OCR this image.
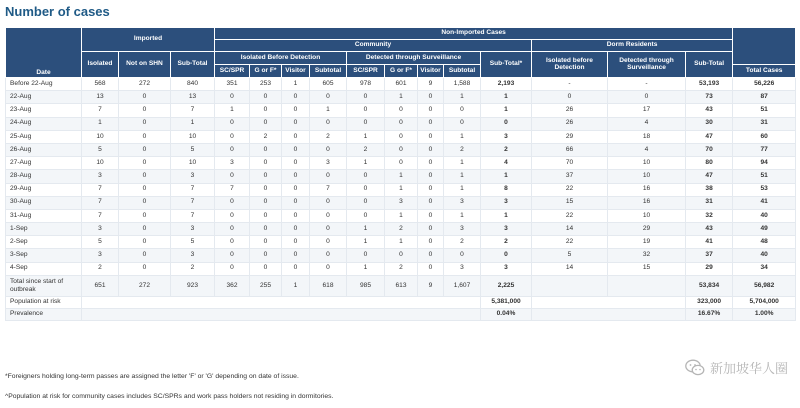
Number of cases
Date	Imported			Non-Imported Cases												
				Community									Dorm Residents			
	Isolated	Not on SHN	Sub-Total	Isolated Before Detection				Detected through Surveillance				Sub-Total*	Isolated before Detection	Detected through Surveillance	Sub-Total	
				SC/SPR	G or F*	Visitor	Subtotal	SC/SPR	G or F*	Visitor	Subtotal					Total Cases
Before 22-Aug	568	272	840	351	253	1	605	978	601	9	1,588	2,193	-	-	53,193	56,226
22-Aug	13	0	13	0	0	0	0	0	1	0	1	1	0	0	73	87
23-Aug	7	0	7	1	0	0	1	0	0	0	0	1	26	17	43	51
24-Aug	1	0	1	0	0	0	0	0	0	0	0	0	26	4	30	31
25-Aug	10	0	10	0	2	0	2	1	0	0	1	3	29	18	47	60
26-Aug	5	0	5	0	0	0	0	2	0	0	2	2	66	4	70	77
27-Aug	10	0	10	3	0	0	3	1	0	0	1	4	70	10	80	94
28-Aug	3	0	3	0	0	0	0	0	1	0	1	1	37	10	47	51
29-Aug	7	0	7	7	0	0	7	0	1	0	1	8	22	16	38	53
30-Aug	7	0	7	0	0	0	0	0	3	0	3	3	15	16	31	41
31-Aug	7	0	7	0	0	0	0	0	1	0	1	1	22	10	32	40
1-Sep	3	0	3	0	0	0	0	1	2	0	3	3	14	29	43	49
2-Sep	5	0	5	0	0	0	0	1	1	0	2	2	22	19	41	48
3-Sep	3	0	3	0	0	0	0	0	0	0	0	0	5	32	37	40
4-Sep	2	0	2	0	0	0	0	1	2	0	3	3	14	15	29	34
Total since start of outbreak	651	272	923	362	255	1	618	985	613	9	1,607	2,225			53,834	56,982
Population at risk												5,381,000			323,000	5,704,000
Prevalence												0.04%			16.67%	1.00%
*Foreigners holding long-term passes are assigned the letter 'F' or 'G' depending on date of issue.
^Population at risk for community cases includes SC/SPRs and work pass holders not residing in dormitories.
新加坡华人圈
